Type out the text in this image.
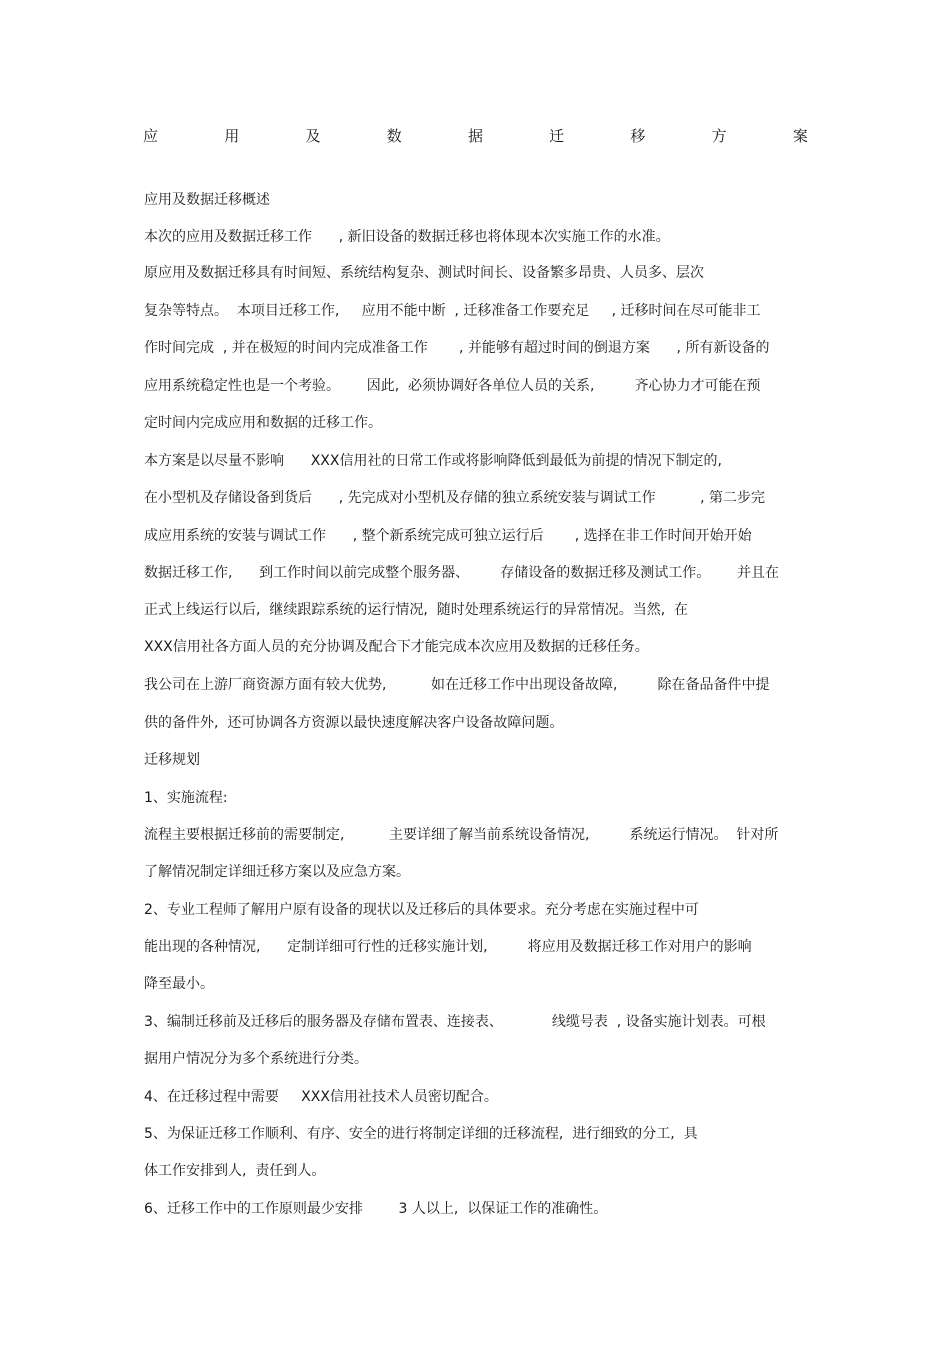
应	用	及	数	据	迁	移	方	案

应用及数据迁移概述

本次的应用及数据迁移工作      , 新旧设备的数据迁移也将体现本次实施工作的水准。

原应用及数据迁移具有时间短、系统结构复杂、测试时间长、设备繁多昂贵、人员多、层次

复杂等特点。  本项目迁移工作,     应用不能中断  , 迁移准备工作要充足     , 迁移时间在尽可能非工

作时间完成  , 并在极短的时间内完成准备工作       , 并能够有超过时间的倒退方案      , 所有新设备的

应用系统稳定性也是一个考验。      因此,  必须协调好各单位人员的关系,         齐心协力才可能在预

定时间内完成应用和数据的迁移工作。

本方案是以尽量不影响      XXX信用社的日常工作或将影响降低到最低为前提的情况下制定的,

在小型机及存储设备到货后      , 先完成对小型机及存储的独立系统安装与调试工作          , 第二步完

成应用系统的安装与调试工作      , 整个新系统完成可独立运行后       , 选择在非工作时间开始开始

数据迁移工作,      到工作时间以前完成整个服务器、       存储设备的数据迁移及测试工作。      并且在

正式上线运行以后,  继续跟踪系统的运行情况,  随时处理系统运行的异常情况。当然,  在

XXX信用社各方面人员的充分协调及配合下才能完成本次应用及数据的迁移任务。

我公司在上游厂商资源方面有较大优势,          如在迁移工作中出现设备故障,         除在备品备件中提

供的备件外,  还可协调各方资源以最快速度解决客户设备故障问题。

迁移规划

1、实施流程:

流程主要根据迁移前的需要制定,          主要详细了解当前系统设备情况,         系统运行情况。  针对所

了解情况制定详细迁移方案以及应急方案。

2、专业工程师了解用户原有设备的现状以及迁移后的具体要求。充分考虑在实施过程中可

能出现的各种情况,      定制详细可行性的迁移实施计划,         将应用及数据迁移工作对用户的影响

降至最小。

3、编制迁移前及迁移后的服务器及存储布置表、连接表、           线缆号表  , 设备实施计划表。可根

据用户情况分为多个系统进行分类。

4、在迁移过程中需要     XXX信用社技术人员密切配合。

5、为保证迁移工作顺利、有序、安全的进行将制定详细的迁移流程,  进行细致的分工,  具

体工作安排到人,  责任到人。

6、迁移工作中的工作原则最少安排        3 人以上,  以保证工作的准确性。
